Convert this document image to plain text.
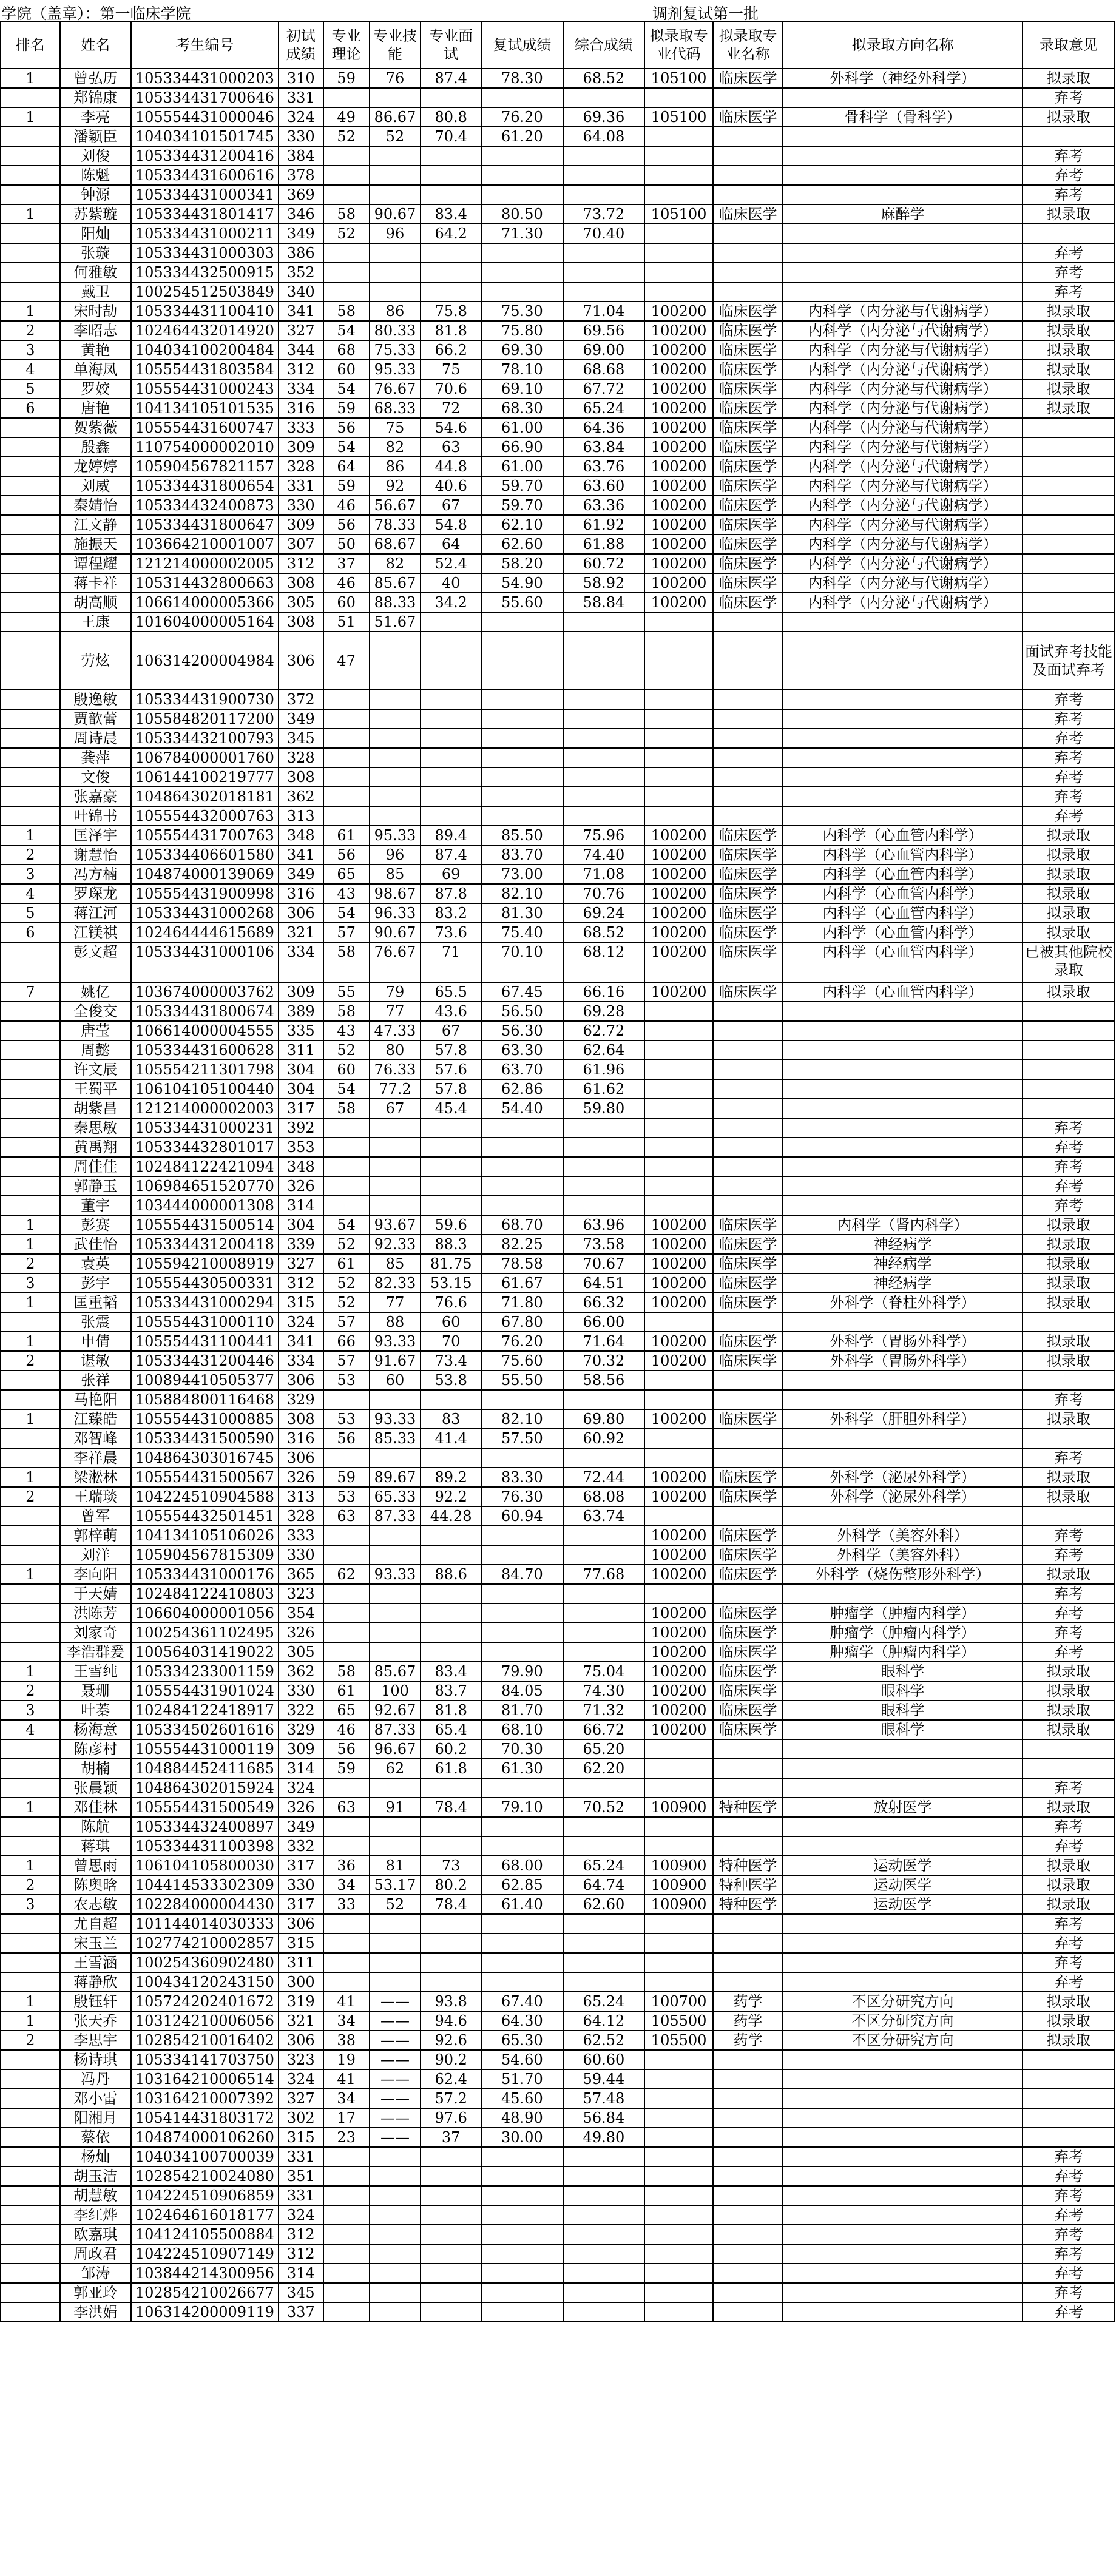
学院（盖章）：第一临床学院	调剂复试第一批
排名	姓名	考生编号	初试成绩	专业理论	专业技能	专业面试	复试成绩	综合成绩	拟录取专业代码	拟录取专业名称	拟录取方向名称	录取意见
1	曾弘历	105334431000203	310	59	76	87.4	78.30	68.52	105100	临床医学	外科学（神经外科学）	拟录取
	郑锦康	105334431700646	331									弃考
1	李亮	105554431000046	324	49	86.67	80.8	76.20	69.36	105100	临床医学	骨科学（骨科学）	拟录取
	潘颖臣	104034101501745	330	52	52	70.4	61.20	64.08				
	刘俊	105334431200416	384									弃考
	陈魁	105334431600616	378									弃考
	钟源	105334431000341	369									弃考
1	苏紫璇	105334431801417	346	58	90.67	83.4	80.50	73.72	105100	临床医学	麻醉学	拟录取
	阳灿	105334431000211	349	52	96	64.2	71.30	70.40				
	张璇	105334431000303	386									弃考
	何雅敏	105334432500915	352									弃考
	戴卫	100254512503849	340									弃考
1	宋时劼	105334431100410	341	58	86	75.8	75.30	71.04	100200	临床医学	内科学（内分泌与代谢病学）	拟录取
2	李昭志	102464432014920	327	54	80.33	81.8	75.80	69.56	100200	临床医学	内科学（内分泌与代谢病学）	拟录取
3	黄艳	104034100200484	344	68	75.33	66.2	69.30	69.00	100200	临床医学	内科学（内分泌与代谢病学）	拟录取
4	单海凤	105554431803584	312	60	95.33	75	78.10	68.68	100200	临床医学	内科学（内分泌与代谢病学）	拟录取
5	罗姣	105554431000243	334	54	76.67	70.6	69.10	67.72	100200	临床医学	内科学（内分泌与代谢病学）	拟录取
6	唐艳	104134105101535	316	59	68.33	72	68.30	65.24	100200	临床医学	内科学（内分泌与代谢病学）	拟录取
	贺紫薇	105554431600747	333	56	75	54.6	61.00	64.36	100200	临床医学	内科学（内分泌与代谢病学）	
	殷鑫	110754000002010	309	54	82	63	66.90	63.84	100200	临床医学	内科学（内分泌与代谢病学）	
	龙婷婷	105904567821157	328	64	86	44.8	61.00	63.76	100200	临床医学	内科学（内分泌与代谢病学）	
	刘威	105334431800654	331	59	92	40.6	59.70	63.60	100200	临床医学	内科学（内分泌与代谢病学）	
	秦婧怡	105334432400873	330	46	56.67	67	59.70	63.36	100200	临床医学	内科学（内分泌与代谢病学）	
	江文静	105334431800647	309	56	78.33	54.8	62.10	61.92	100200	临床医学	内科学（内分泌与代谢病学）	
	施振天	103664210001007	307	50	68.67	64	62.60	61.88	100200	临床医学	内科学（内分泌与代谢病学）	
	谭程耀	121214000002005	312	37	82	52.4	58.20	60.72	100200	临床医学	内科学（内分泌与代谢病学）	
	蒋卡祥	105314432800663	308	46	85.67	40	54.90	58.92	100200	临床医学	内科学（内分泌与代谢病学）	
	胡高顺	106614000005366	305	60	88.33	34.2	55.60	58.84	100200	临床医学	内科学（内分泌与代谢病学）	
	王康	101604000005164	308	51	51.67							
	劳炫	106314200004984	306	47								面试弃考技能及面试弃考
	殷逸敏	105334431900730	372									弃考
	贾歆蕾	105584820117200	349									弃考
	周诗晨	105334432100793	345									弃考
	龚萍	106784000001760	328									弃考
	文俊	106144100219777	308									弃考
	张嘉豪	104864302018181	362									弃考
	叶锦书	105554432000763	313									弃考
1	匡泽宇	105554431700763	348	61	95.33	89.4	85.50	75.96	100200	临床医学	内科学（心血管内科学）	拟录取
2	谢慧怡	105334406601580	341	56	96	87.4	83.70	74.40	100200	临床医学	内科学（心血管内科学）	拟录取
3	冯方楠	104874000139069	349	65	85	69	73.00	71.08	100200	临床医学	内科学（心血管内科学）	拟录取
4	罗琛龙	105554431900998	316	43	98.67	87.8	82.10	70.76	100200	临床医学	内科学（心血管内科学）	拟录取
5	蒋江河	105334431000268	306	54	96.33	83.2	81.30	69.24	100200	临床医学	内科学（心血管内科学）	拟录取
6	江镁祺	102464444615689	321	57	90.67	73.6	75.40	68.52	100200	临床医学	内科学（心血管内科学）	拟录取
	彭文超	105334431000106	334	58	76.67	71	70.10	68.12	100200	临床医学	内科学（心血管内科学）	已被其他院校录取
7	姚亿	103674000003762	309	55	79	65.5	67.45	66.16	100200	临床医学	内科学（心血管内科学）	拟录取
	全俊交	105334431800674	389	58	77	43.6	56.50	69.28				
	唐莹	106614000004555	335	43	47.33	67	56.30	62.72				
	周懿	105334431600628	311	52	80	57.8	63.30	62.64				
	许文辰	105554211301798	304	60	76.33	57.6	63.70	61.96				
	王蜀平	106104105100440	304	54	77.2	57.8	62.86	61.62				
	胡紫昌	121214000002003	317	58	67	45.4	54.40	59.80				
	秦思敏	105334431000231	392									弃考
	黄禹翔	105334432801017	353									弃考
	周佳佳	102484122421094	348									弃考
	郭静玉	106984651520770	326									弃考
	董宇	103444000001308	314									弃考
1	彭赛	105554431500514	304	54	93.67	59.6	68.70	63.96	100200	临床医学	内科学（肾内科学）	拟录取
1	武佳怡	105334431200418	339	52	92.33	88.3	82.25	73.58	100200	临床医学	神经病学	拟录取
2	袁英	105594210008919	327	61	85	81.75	78.58	70.67	100200	临床医学	神经病学	拟录取
3	彭宇	105554430500331	312	52	82.33	53.15	61.67	64.51	100200	临床医学	神经病学	拟录取
1	匡重韬	105334431000294	315	52	77	76.6	71.80	66.32	100200	临床医学	外科学（脊柱外科学）	拟录取
	张震	105554431000110	324	57	88	60	67.80	66.00				
1	申倩	105554431100441	341	66	93.33	70	76.20	71.64	100200	临床医学	外科学（胃肠外科学）	拟录取
2	谌敏	105334431200446	334	57	91.67	73.4	75.60	70.32	100200	临床医学	外科学（胃肠外科学）	拟录取
	张祥	100894410505377	306	53	60	53.8	55.50	58.56				
	马艳阳	105884800116468	329									弃考
1	江臻皓	105554431000885	308	53	93.33	83	82.10	69.80	100200	临床医学	外科学（肝胆外科学）	拟录取
	邓智峰	105334431500590	316	56	85.33	41.4	57.50	60.92				
	李祥晨	104864303016745	306									弃考
1	梁淞林	105554431500567	326	59	89.67	89.2	83.30	72.44	100200	临床医学	外科学（泌尿外科学）	拟录取
2	王瑞琰	104224510904588	313	53	65.33	92.2	76.30	68.08	100200	临床医学	外科学（泌尿外科学）	拟录取
	曾军	105554432501451	328	63	87.33	44.28	60.94	63.74				
	郭梓萌	104134105106026	333						100200	临床医学	外科学（美容外科）	弃考
	刘洋	105904567815309	330						100200	临床医学	外科学（美容外科）	弃考
1	李向阳	105334431000176	365	62	93.33	88.6	84.70	77.68	100200	临床医学	外科学（烧伤整形外科学）	拟录取
	于天婧	102484122410803	323									弃考
	洪陈芳	106604000001056	354						100200	临床医学	肿瘤学（肿瘤内科学）	弃考
	刘家奇	100254361102495	326						100200	临床医学	肿瘤学（肿瘤内科学）	弃考
	李浩群爰	100564031419022	305						100200	临床医学	肿瘤学（肿瘤内科学）	弃考
1	王雪纯	105334233001159	362	58	85.67	83.4	79.90	75.04	100200	临床医学	眼科学	拟录取
2	聂珊	105554431901024	330	61	100	83.7	84.05	74.30	100200	临床医学	眼科学	拟录取
3	叶蓁	102484122418917	322	65	92.67	81.8	81.70	71.32	100200	临床医学	眼科学	拟录取
4	杨海意	105334502601616	329	46	87.33	65.4	68.10	66.72	100200	临床医学	眼科学	拟录取
	陈彦村	105554431000119	309	56	96.67	60.2	70.30	65.20				
	胡楠	104884452411685	314	59	62	61.8	61.30	62.20				
	张晨颖	104864302015924	324									弃考
1	邓佳林	105554431500549	326	63	91	78.4	79.10	70.52	100900	特种医学	放射医学	拟录取
	陈航	105334432400897	349									弃考
	蒋琪	105334431100398	332									弃考
1	曾思雨	106104105800030	317	36	81	73	68.00	65.24	100900	特种医学	运动医学	拟录取
2	陈奥晗	104414533302309	330	34	53.17	80.2	62.85	64.74	100900	特种医学	运动医学	拟录取
3	农志敏	102284000004430	317	33	52	78.4	61.40	62.60	100900	特种医学	运动医学	拟录取
	尤自超	101144014030333	306									弃考
	宋玉兰	102774210002857	315									弃考
	王雪涵	100254360902480	311									弃考
	蒋静欣	100434120243150	300									弃考
1	殷钰轩	105724202401672	319	41	——	93.8	67.40	65.24	100700	药学	不区分研究方向	拟录取
1	张天乔	103124210006056	321	34	——	94.6	64.30	64.12	105500	药学	不区分研究方向	拟录取
2	李思宇	102854210016402	306	38	——	92.6	65.30	62.52	105500	药学	不区分研究方向	拟录取
	杨诗琪	105334141703750	323	19	——	90.2	54.60	60.60				
	冯丹	103164210006514	324	41	——	62.4	51.70	59.44				
	邓小雷	103164210007392	327	34	——	57.2	45.60	57.48				
	阳湘月	105414431803172	302	17	——	97.6	48.90	56.84				
	蔡依	104874000106260	315	23	——	37	30.00	49.80				
	杨灿	104034100700039	331									弃考
	胡玉洁	102854210024080	351									弃考
	胡慧敏	104224510906859	331									弃考
	李红烨	102464616018177	324									弃考
	欧嘉琪	104124105500884	312									弃考
	周政君	104224510907149	312									弃考
	邹涛	103844214300956	314									弃考
	郭亚玲	102854210026677	345									弃考
	李洪娟	106314200009119	337									弃考
